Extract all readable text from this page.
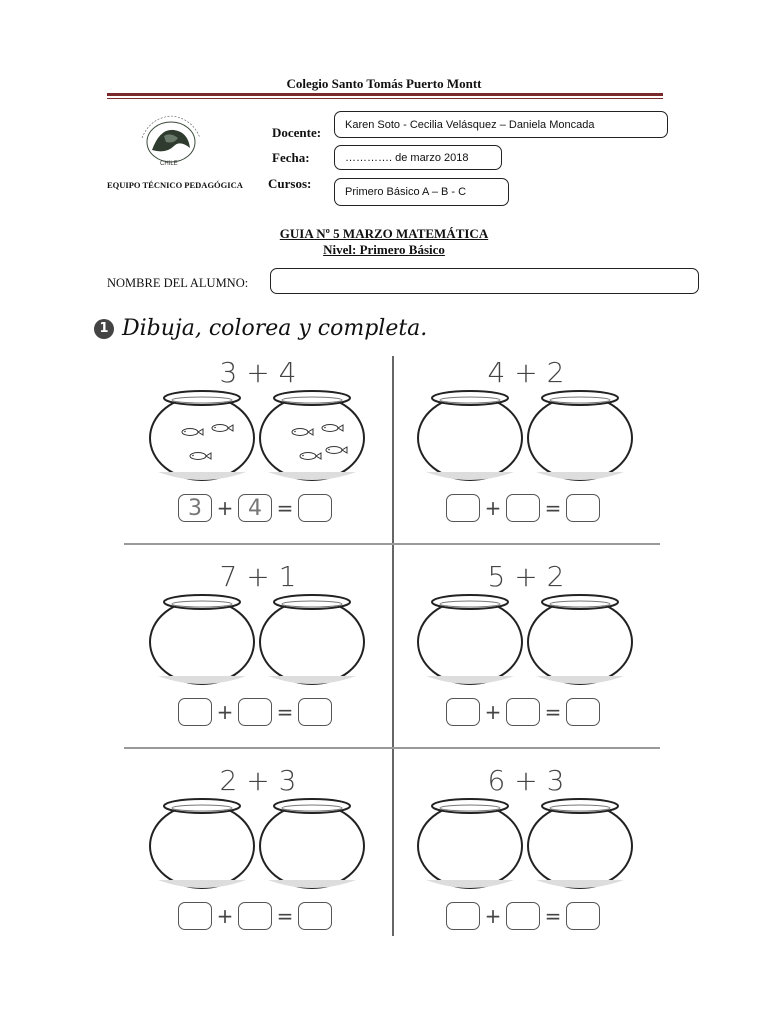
Colegio Santo Tomás Puerto Montt
CHILE
EQUIPO TÉCNICO PEDAGÓGICA
Docente:
Karen Soto - Cecilia Velásquez – Daniela Moncada
Fecha:	…………. de marzo 2018
Cursos:
Primero Básico A – B - C
GUIA Nº 5 MARZO MATEMÁTICA
Nivel: Primero Básico
NOMBRE DEL ALUMNO:
1 Dibuja, colorea y completa.
3 + 4
3 + 4 =
4 + 2
+ =
7 + 1
+ =
5 + 2
+ =
2 + 3
+ =
6 + 3
+ =
